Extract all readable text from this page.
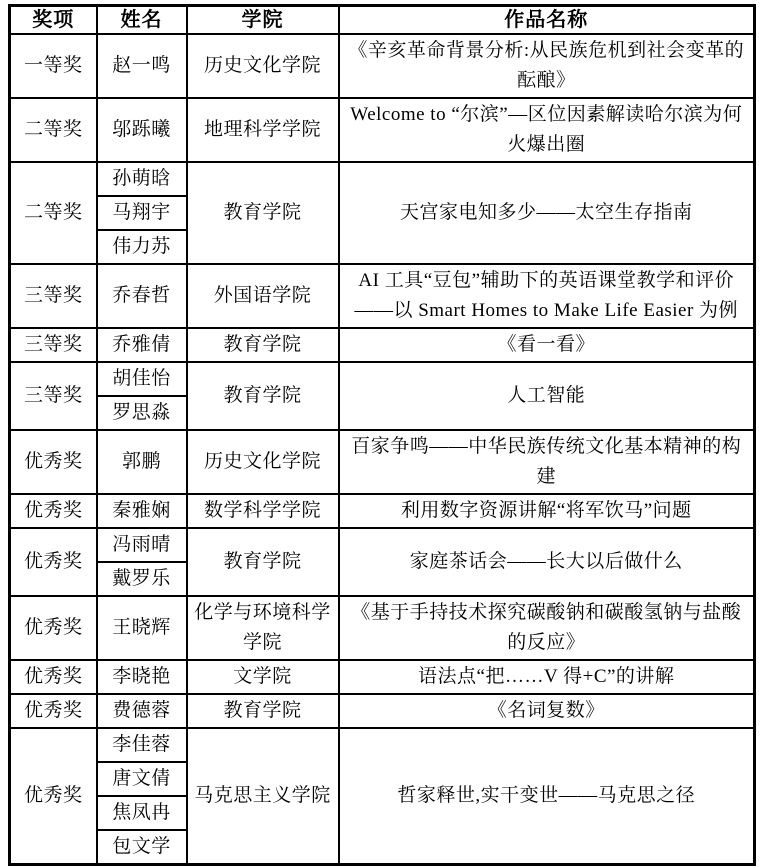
奖项	姓名	学院	作品名称
一等奖	赵一鸣	历史文化学院	《辛亥革命背景分析:从民族危机到社会变革的酝酿》
二等奖	邬跞曦	地理科学学院	Welcome to “尔滨”—区位因素解读哈尔滨为何火爆出圈
二等奖	孙萌晗	教育学院	天宫家电知多少——太空生存指南
	马翔宇		
	伟力苏		
三等奖	乔春哲	外国语学院	AI 工具“豆包”辅助下的英语课堂教学和评价——以 Smart Homes to Make Life Easier 为例
三等奖	乔雅倩	教育学院	《看一看》
三等奖	胡佳怡	教育学院	人工智能
	罗思淼		
优秀奖	郭鹏	历史文化学院	百家争鸣——中华民族传统文化基本精神的构建
优秀奖	秦雅娴	数学科学学院	利用数字资源讲解“将军饮马”问题
优秀奖	冯雨晴	教育学院	家庭茶话会——长大以后做什么
	戴罗乐		
优秀奖	王晓辉	化学与环境科学学院	《基于手持技术探究碳酸钠和碳酸氢钠与盐酸的反应》
优秀奖	李晓艳	文学院	语法点“把……V 得+C”的讲解
优秀奖	费德蓉	教育学院	《名词复数》
优秀奖	李佳蓉	马克思主义学院	哲家释世,实干变世——马克思之径
	唐文倩		
	焦凤冉		
	包文学		
